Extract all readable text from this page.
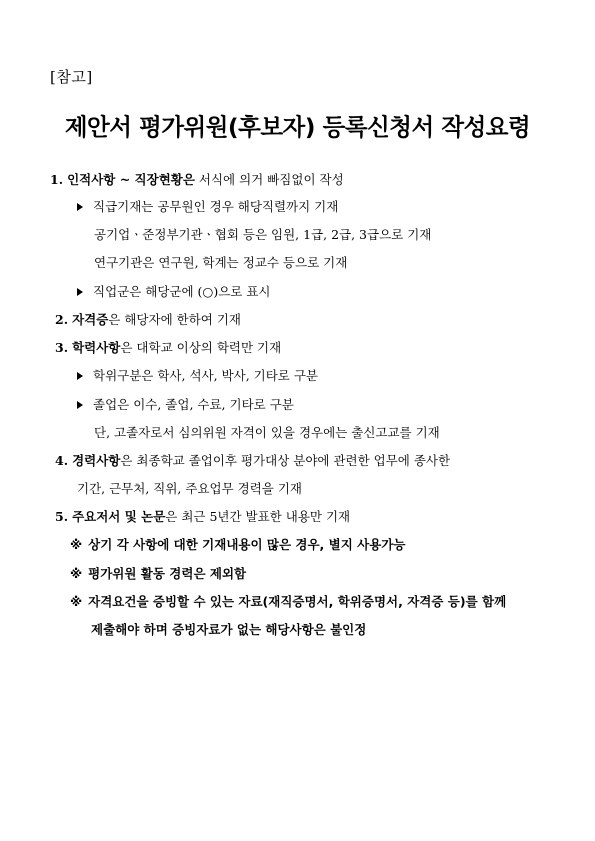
[참고]
제안서 평가위원(후보자) 등록신청서 작성요령
1. 인적사항 ~ 직장현황은 서식에 의거 빠짐없이 작성
직급기재는 공무원인 경우 해당직렬까지 기재
공기업ㆍ준정부기관ㆍ협회 등은 임원, 1급, 2급, 3급으로 기재
연구기관은 연구원, 학계는 정교수 등으로 기재
직업군은 해당군에 (○)으로 표시
2. 자격증은 해당자에 한하여 기재
3. 학력사항은 대학교 이상의 학력만 기재
학위구분은 학사, 석사, 박사, 기타로 구분
졸업은 이수, 졸업, 수료, 기타로 구분
단, 고졸자로서 심의위원 자격이 있을 경우에는 출신고교를 기재
4. 경력사항은 최종학교 졸업이후 평가대상 분야에 관련한 업무에 종사한
기간, 근무처, 직위, 주요업무 경력을 기재
5. 주요저서 및 논문은 최근 5년간 발표한 내용만 기재
※ 상기 각 사항에 대한 기재내용이 많은 경우, 별지 사용가능
※ 평가위원 활동 경력은 제외함
※ 자격요건을 증빙할 수 있는 자료(재직증명서, 학위증명서, 자격증 등)를 함께
제출해야 하며 증빙자료가 없는 해당사항은 불인정
